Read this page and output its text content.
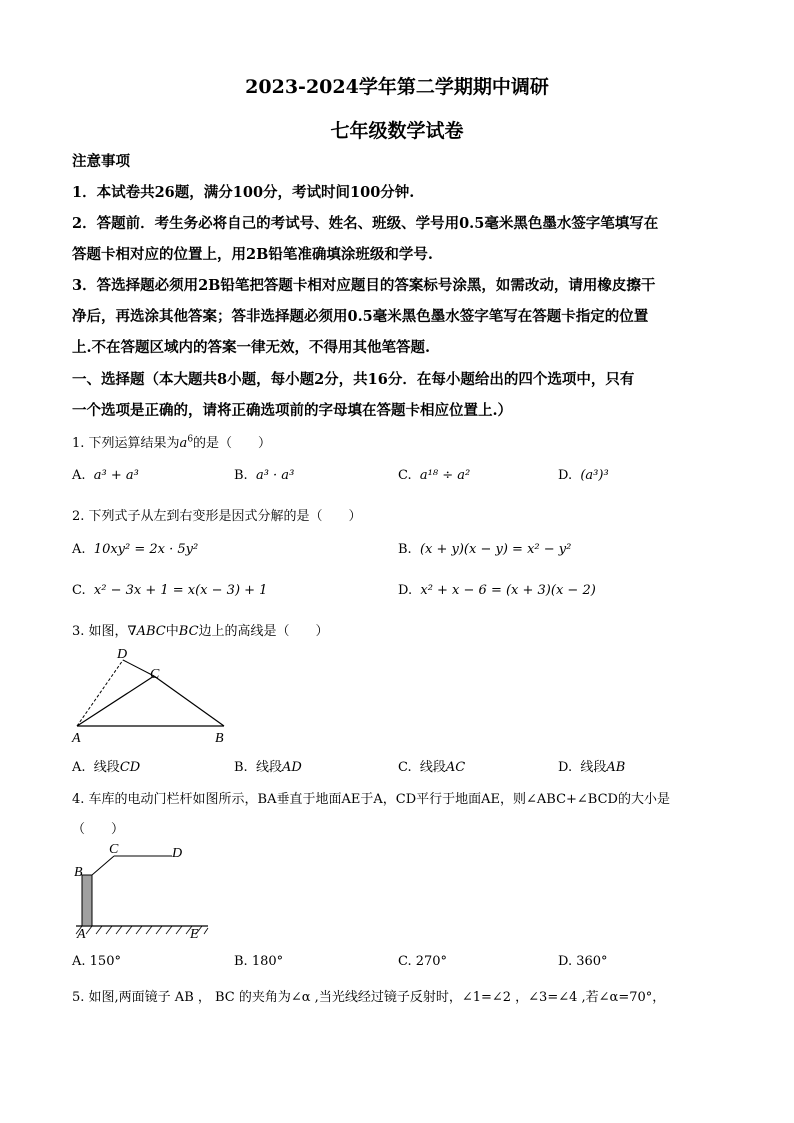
2023-2024学年第二学期期中调研
七年级数学试卷
注意事项
1．本试卷共26题，满分100分，考试时间100分钟.
2．答题前．考生务必将自己的考试号、姓名、班级、学号用0.5毫米黑色墨水签字笔填写在
答题卡相对应的位置上，用2B铅笔准确填涂班级和学号.
3．答选择题必须用2B铅笔把答题卡相对应题目的答案标号涂黑，如需改动，请用橡皮擦干
净后，再选涂其他答案；答非选择题必须用0.5毫米黑色墨水签字笔写在答题卡指定的位置
上.不在答题区域内的答案一律无效，不得用其他笔答题.
一、选择题（本大题共8小题，每小题2分，共16分．在每小题给出的四个选项中，只有
一个选项是正确的，请将正确选项前的字母填在答题卡相应位置上.）
1. 下列运算结果为$a^6$的是（　　）
A. a³ + a³	B. a³ · a³	C. a¹⁸ ÷ a²	D. (a³)³
2. 下列式子从左到右变形是因式分解的是（　　）
A. 10xy² = 2x · 5y²	B. (x + y)(x − y) = x² − y²
C. x² − 3x + 1 = x(x − 3) + 1	D. x² + x − 6 = (x + 3)(x − 2)
3. 如图，∇ABC中BC边上的高线是（　　）
D
C
A	B
A. 线段CD	B. 线段AD	C. 线段AC	D. 线段AB
4. 车库的电动门栏杆如图所示，BA垂直于地面AE于A，CD平行于地面AE，则∠ABC+∠BCD的大小是
（　　）
C	D
B
A	E
A. 150°	B. 180°	C. 270°	D. 360°
5. 如图,两面镜子 AB ， BC 的夹角为∠α ,当光线经过镜子反射时，∠1=∠2 ，∠3=∠4 ,若∠α=70°，
